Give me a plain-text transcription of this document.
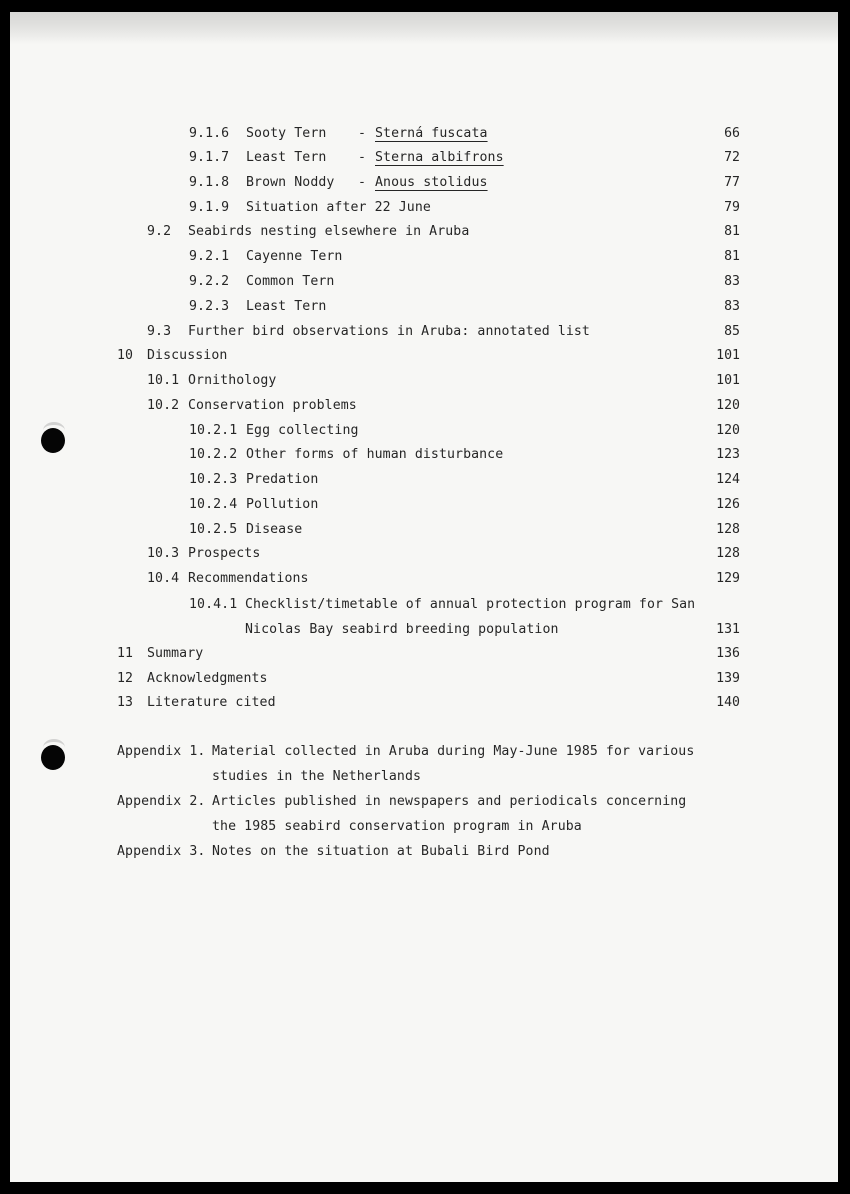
9.1.6 Sooty Tern - Sterná fuscata	66
9.1.7 Least Tern - Sterna albifrons	72
9.1.8 Brown Noddy - Anous stolidus	77
9.1.9 Situation after 22 June	79
9.2 Seabirds nesting elsewhere in Aruba	81
9.2.1 Cayenne Tern	81
9.2.2 Common Tern	83
9.2.3 Least Tern	83
9.3 Further bird observations in Aruba: annotated list	85
10 Discussion	101
10.1 Ornithology	101
10.2 Conservation problems	120
10.2.1 Egg collecting	120
10.2.2 Other forms of human disturbance	123
10.2.3 Predation	124
10.2.4 Pollution	126
10.2.5 Disease	128
10.3 Prospects	128
10.4 Recommendations	129
10.4.1 Checklist/timetable of annual protection program for San
Nicolas Bay seabird breeding population	131
11 Summary	136
12 Acknowledgments	139
13 Literature cited	140
Appendix 1. Material collected in Aruba during May-June 1985 for various
studies in the Netherlands
Appendix 2. Articles published in newspapers and periodicals concerning
the 1985 seabird conservation program in Aruba
Appendix 3. Notes on the situation at Bubali Bird Pond
